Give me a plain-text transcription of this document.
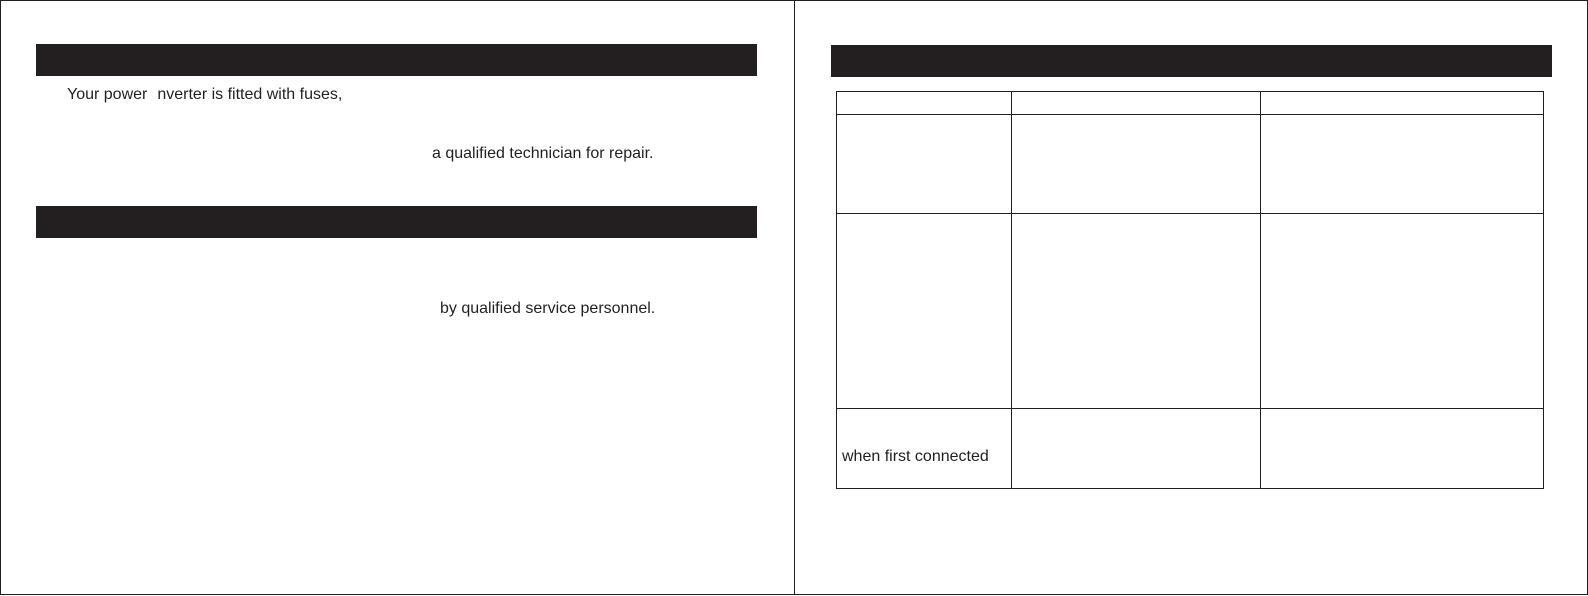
Your power nverter is fitted with fuses,
a qualified technician for repair.
by qualified service personnel.

when first connected		
